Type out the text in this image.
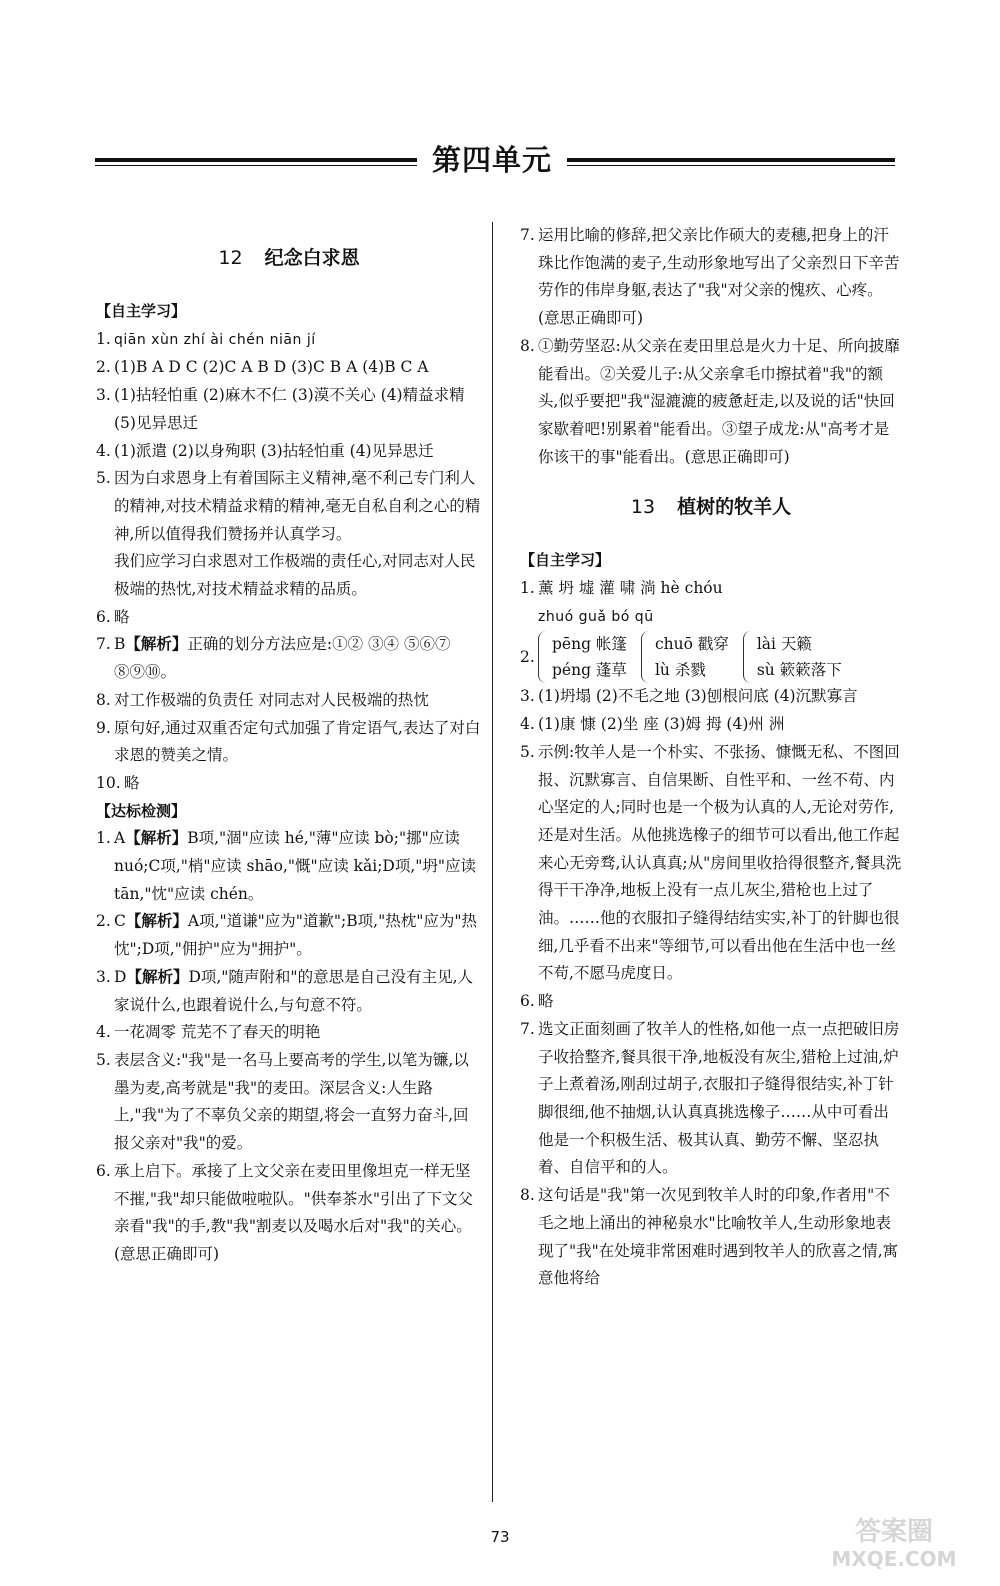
第四单元
12 纪念白求恩
【自主学习】
1. qiān xùn zhí ài chén niān jí
2. (1)B A D C (2)C A B D (3)C B A (4)B C A
3. (1)拈轻怕重 (2)麻木不仁 (3)漠不关心 (4)精益求精 (5)见异思迁
4. (1)派遣 (2)以身殉职 (3)拈轻怕重 (4)见异思迁
5. 因为白求恩身上有着国际主义精神,毫不利己专门利人的精神,对技术精益求精的精神,毫无自私自利之心的精神,所以值得我们赞扬并认真学习。
我们应学习白求恩对工作极端的责任心,对同志对人民极端的热忱,对技术精益求精的品质。
6. 略
7. B【解析】正确的划分方法应是:①② ③④ ⑤⑥⑦ ⑧⑨⑩。
8. 对工作极端的负责任 对同志对人民极端的热忱
9. 原句好,通过双重否定句式加强了肯定语气,表达了对白求恩的赞美之情。
10. 略
【达标检测】
1. A【解析】B项,"涸"应读 hé,"薄"应读 bò;"挪"应读 nuó;C项,"梢"应读 shāo,"慨"应读 kǎi;D项,"坍"应读 tān,"忱"应读 chén。
2. C【解析】A项,"道谦"应为"道歉";B项,"热枕"应为"热忱";D项,"佣护"应为"拥护"。
3. D【解析】D项,"随声附和"的意思是自己没有主见,人家说什么,也跟着说什么,与句意不符。
4. 一花凋零 荒芜不了春天的明艳
5. 表层含义:"我"是一名马上要高考的学生,以笔为镰,以墨为麦,高考就是"我"的麦田。深层含义:人生路上,"我"为了不辜负父亲的期望,将会一直努力奋斗,回报父亲对"我"的爱。
6. 承上启下。承接了上文父亲在麦田里像坦克一样无坚不摧,"我"却只能做啦啦队。"供奉茶水"引出了下文父亲看"我"的手,教"我"割麦以及喝水后对"我"的关心。(意思正确即可)
7. 运用比喻的修辞,把父亲比作硕大的麦穗,把身上的汗珠比作饱满的麦子,生动形象地写出了父亲烈日下辛苦劳作的伟岸身躯,表达了"我"对父亲的愧疚、心疼。(意思正确即可)
8. ①勤劳坚忍:从父亲在麦田里总是火力十足、所向披靡能看出。②关爱儿子:从父亲拿毛巾擦拭着"我"的额头,似乎要把"我"湿漉漉的疲惫赶走,以及说的话"快回家歇着吧!别累着"能看出。③望子成龙:从"高考才是你该干的事"能看出。(意思正确即可)
13 植树的牧羊人
【自主学习】
1. 薰 坍 墟 灌 啸 淌 hè chóu
zhuó guǎ bó qū
2.
pēng 帐篷
péng 蓬草
chuō 戳穿
lù 杀戮
lài 天籁
sù 簌簌落下
3. (1)坍塌 (2)不毛之地 (3)刨根问底 (4)沉默寡言
4. (1)康 慷 (2)坐 座 (3)姆 拇 (4)州 洲
5. 示例:牧羊人是一个朴实、不张扬、慷慨无私、不图回报、沉默寡言、自信果断、自性平和、一丝不苟、内心坚定的人;同时也是一个极为认真的人,无论对劳作,还是对生活。从他挑选橡子的细节可以看出,他工作起来心无旁骛,认认真真;从"房间里收拾得很整齐,餐具洗得干干净净,地板上没有一点儿灰尘,猎枪也上过了油。……他的衣服扣子缝得结结实实,补丁的针脚也很细,几乎看不出来"等细节,可以看出他在生活中也一丝不苟,不愿马虎度日。
6. 略
7. 选文正面刻画了牧羊人的性格,如他一点一点把破旧房子收拾整齐,餐具很干净,地板没有灰尘,猎枪上过油,炉子上煮着汤,刚刮过胡子,衣服扣子缝得很结实,补丁针脚很细,他不抽烟,认认真真挑选橡子……从中可看出他是一个积极生活、极其认真、勤劳不懈、坚忍执着、自信平和的人。
8. 这句话是"我"第一次见到牧羊人时的印象,作者用"不毛之地上涌出的神秘泉水"比喻牧羊人,生动形象地表现了"我"在处境非常困难时遇到牧羊人的欣喜之情,寓意他将给
73	答案圈
MXQE.COM
